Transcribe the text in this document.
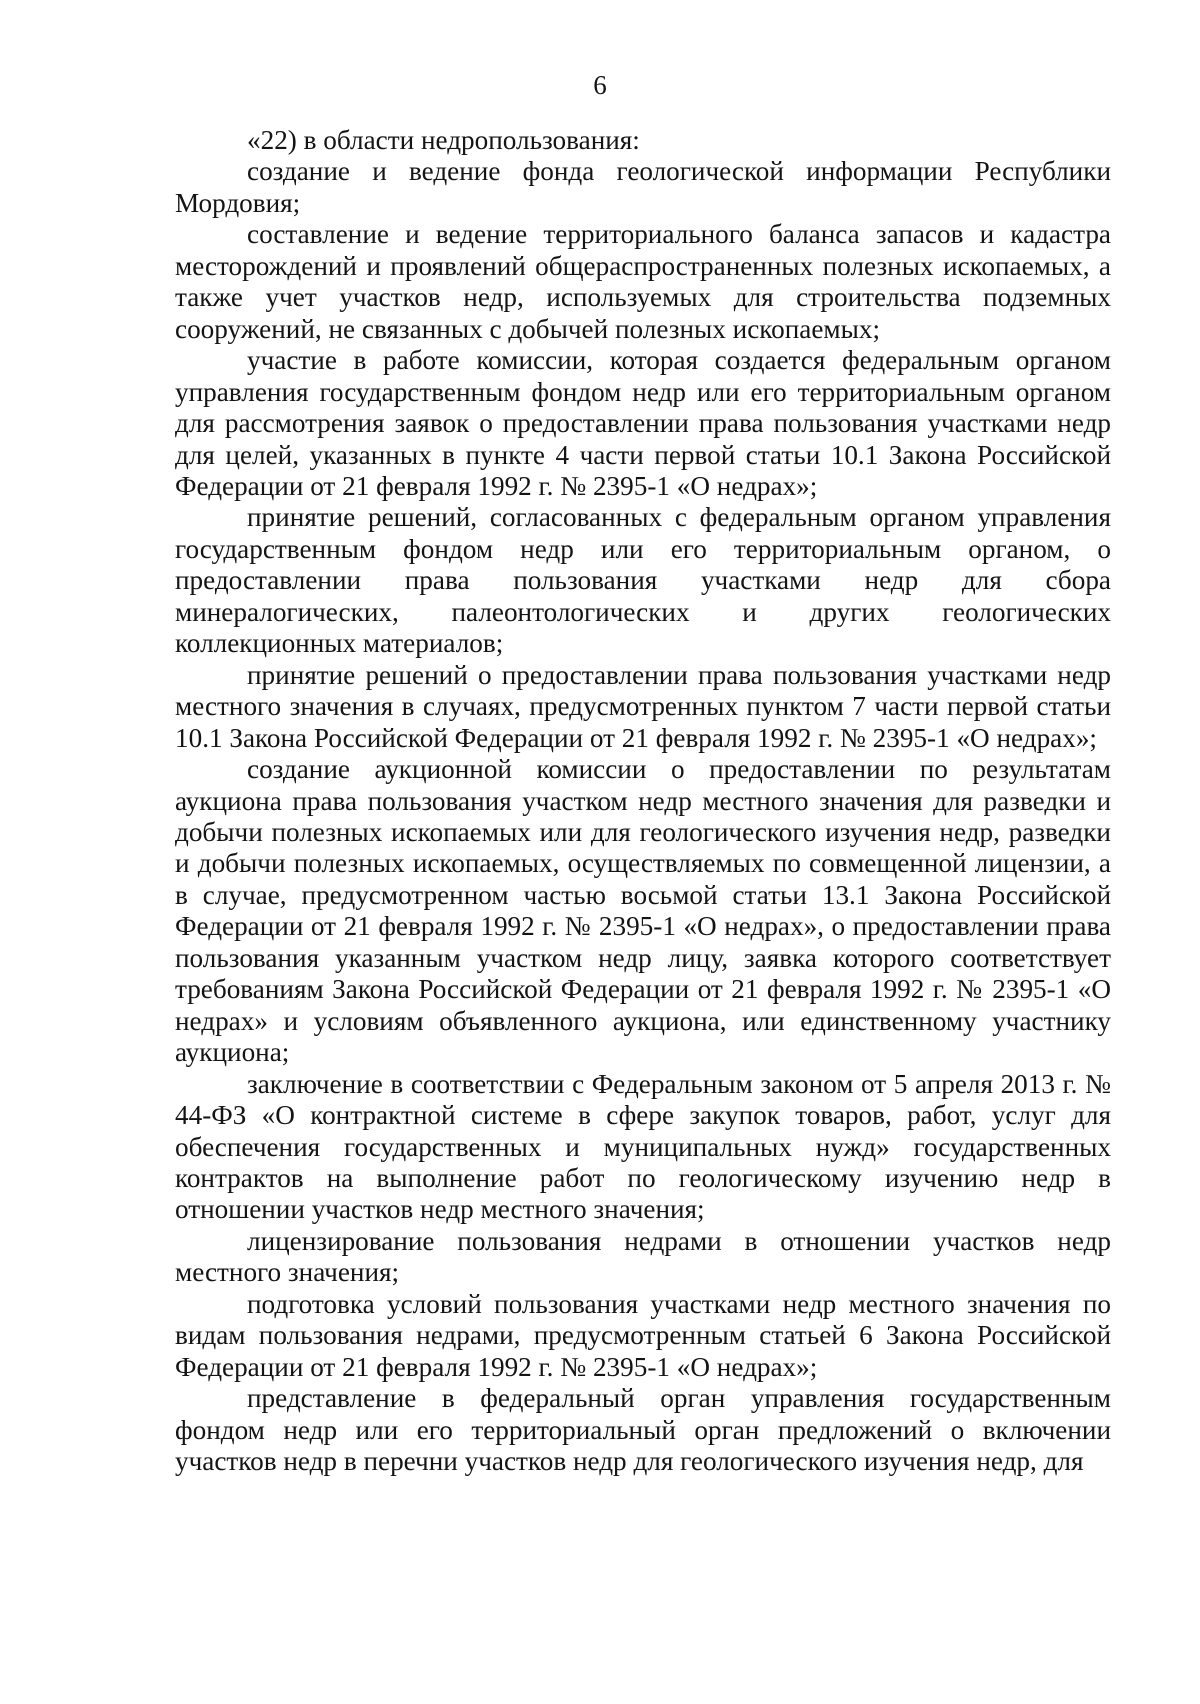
6

«22) в области недропользования:

создание и ведение фонда геологической информации Республики Мордовия;

составление и ведение территориального баланса запасов и кадастра месторождений и проявлений общераспространенных полезных ископаемых, а также учет участков недр, используемых для строительства подземных сооружений, не связанных с добычей полезных ископаемых;

участие в работе комиссии, которая создается федеральным органом управления государственным фондом недр или его территориальным органом для рассмотрения заявок о предоставлении права пользования участками недр для целей, указанных в пункте 4 части первой статьи 10.1 Закона Российской Федерации от 21 февраля 1992 г. № 2395-1 «О недрах»;

принятие решений, согласованных с федеральным органом управления государственным фондом недр или его территориальным органом, о предоставлении права пользования участками недр для сбора минералогических, палеонтологических и других геологических коллекционных материалов;

принятие решений о предоставлении права пользования участками недр местного значения в случаях, предусмотренных пунктом 7 части первой статьи 10.1 Закона Российской Федерации от 21 февраля 1992 г. № 2395-1 «О недрах»;

создание аукционной комиссии о предоставлении по результатам аукциона права пользования участком недр местного значения для разведки и добычи полезных ископаемых или для геологического изучения недр, разведки и добычи полезных ископаемых, осуществляемых по совмещенной лицензии, а в случае, предусмотренном частью восьмой статьи 13.1 Закона Российской Федерации от 21 февраля 1992 г. № 2395-1 «О недрах», о предоставлении права пользования указанным участком недр лицу, заявка которого соответствует требованиям Закона Российской Федерации от 21 февраля 1992 г. № 2395-1 «О недрах» и условиям объявленного аукциона, или единственному участнику аукциона;

заключение в соответствии с Федеральным законом от 5 апреля 2013 г. № 44-ФЗ «О контрактной системе в сфере закупок товаров, работ, услуг для обеспечения государственных и муниципальных нужд» государственных контрактов на выполнение работ по геологическому изучению недр в отношении участков недр местного значения;

лицензирование пользования недрами в отношении участков недр местного значения;

подготовка условий пользования участками недр местного значения по видам пользования недрами, предусмотренным статьей 6 Закона Российской Федерации от 21 февраля 1992 г. № 2395-1 «О недрах»;

представление в федеральный орган управления государственным фондом недр или его территориальный орган предложений о включении участков недр в перечни участков недр для геологического изучения недр, для
